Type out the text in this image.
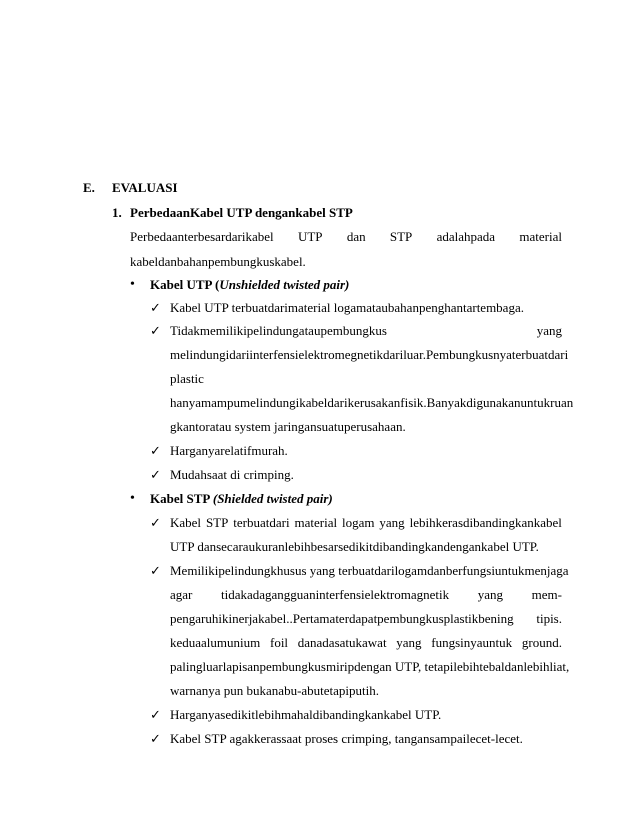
E. EVALUASI
1. PerbedaanKabel UTP dengankabel STP
Perbedaanterbesardarikabel UTP dan STP adalahpada material
kabeldanbahanpembungkuskabel.
• Kabel UTP (Unshielded twisted pair)
✓ Kabel UTP terbuatdarimaterial logamataubahanpenghantartembaga.
✓ Tidakmemilikipelindungataupembungkus	yang
melindungidariinterfensielektromegnetikdariluar. Pembungkusnyaterbuatdari
plastic
hanyamampumelindungikabeldarikerusakanfisik.Banyakdigunakanuntukruan
gkantoratau system jaringansuatuperusahaan.
✓ Harganyarelatifmurah.
✓ Mudahsaat di crimping.
• Kabel STP (Shielded twisted pair)
✓ Kabel STP terbuatdari material logam yang lebihkerasdibandingkankabel
UTP dansecaraukuranlebihbesarsedikitdibandingkandengankabel UTP.
✓ Memilikipelindungkhusus yang terbuatdarilogamdanberfungsiuntukmenjaga
agar tidakadagangguaninterfensielektromagnetik yang mem-
pengaruhikinerjakabel..Pertamaterdapatpembungkusplastikbening tipis.
keduaalumunium foil danadasatukawat yang fungsinyauntuk ground.
palingluarlapisanpembungkusmiripdengan UTP, tetapilebihtebaldanlebihliat,
warnanya pun bukanabu-abutetapiputih.
✓ Harganyasedikitlebihmahaldibandingkankabel UTP.
✓ Kabel STP agakkerassaat proses crimping, tangansampailecet-lecet.
